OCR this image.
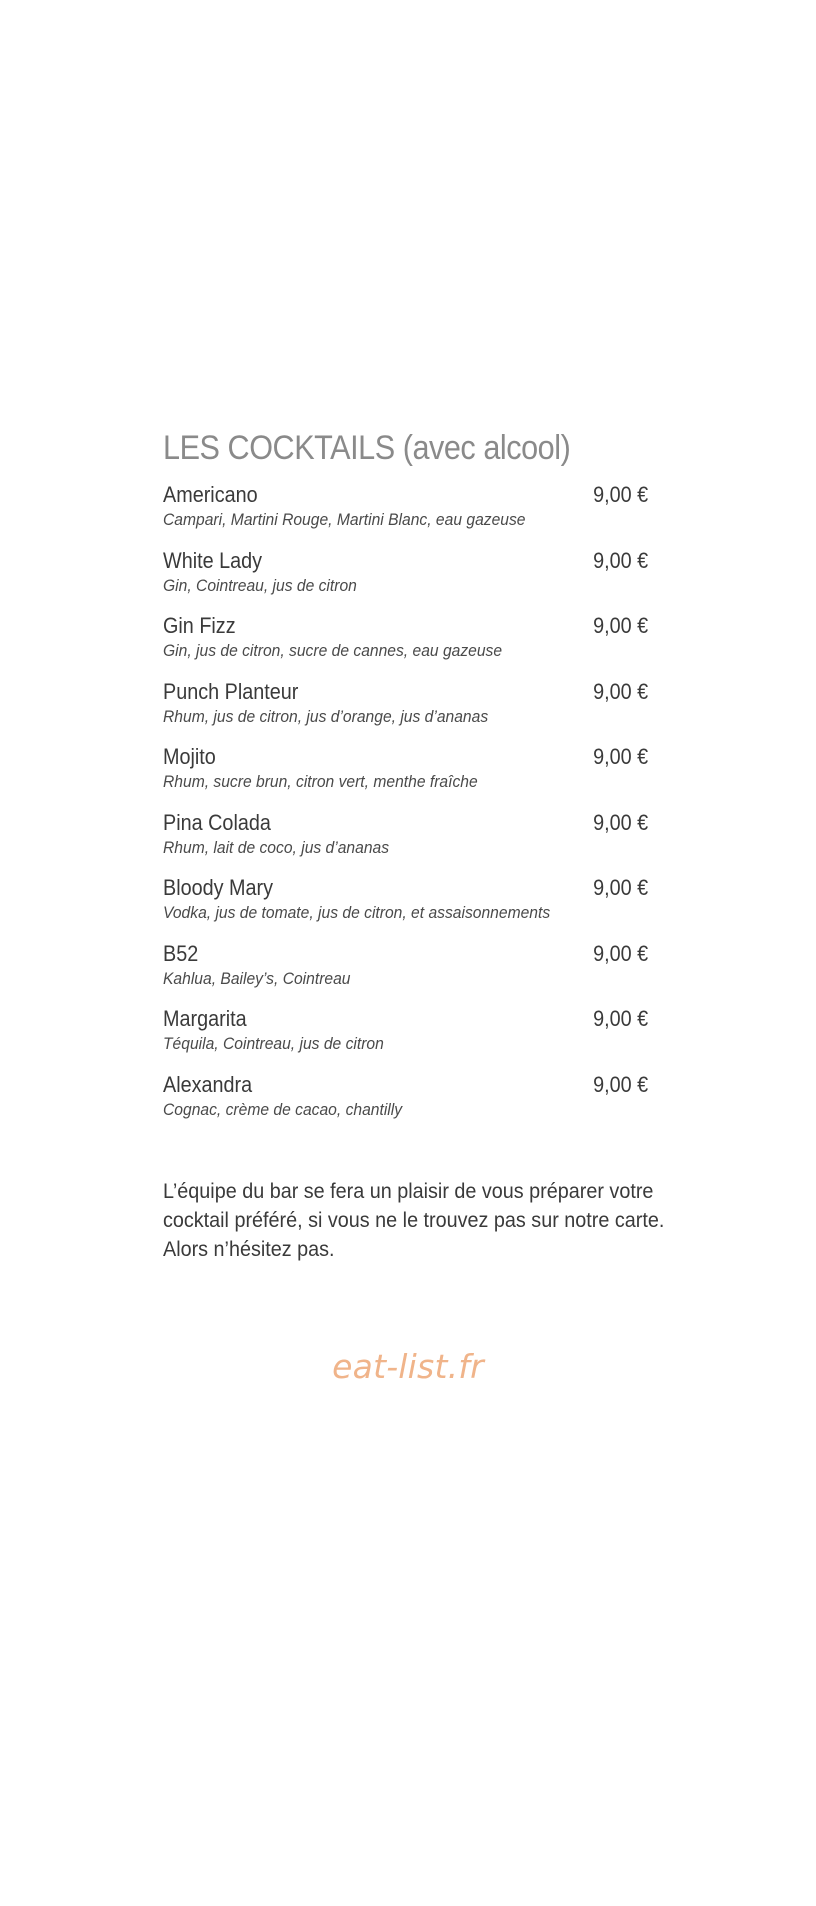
LES COCKTAILS (avec alcool)
Americano	9,00 €
Campari, Martini Rouge, Martini Blanc, eau gazeuse
White Lady	9,00 €
Gin, Cointreau, jus de citron
Gin Fizz	9,00 €
Gin, jus de citron, sucre de cannes, eau gazeuse
Punch Planteur	9,00 €
Rhum, jus de citron, jus d’orange, jus d’ananas
Mojito	9,00 €
Rhum, sucre brun, citron vert, menthe fraîche
Pina Colada	9,00 €
Rhum, lait de coco, jus d’ananas
Bloody Mary	9,00 €
Vodka, jus de tomate, jus de citron, et assaisonnements
B52	9,00 €
Kahlua, Bailey’s, Cointreau
Margarita	9,00 €
Téquila, Cointreau, jus de citron
Alexandra	9,00 €
Cognac, crème de cacao, chantilly

L’équipe du bar se fera un plaisir de vous préparer votre

cocktail préféré, si vous ne le trouvez pas sur notre carte.

Alors n’hésitez pas.

eat-list.fr
